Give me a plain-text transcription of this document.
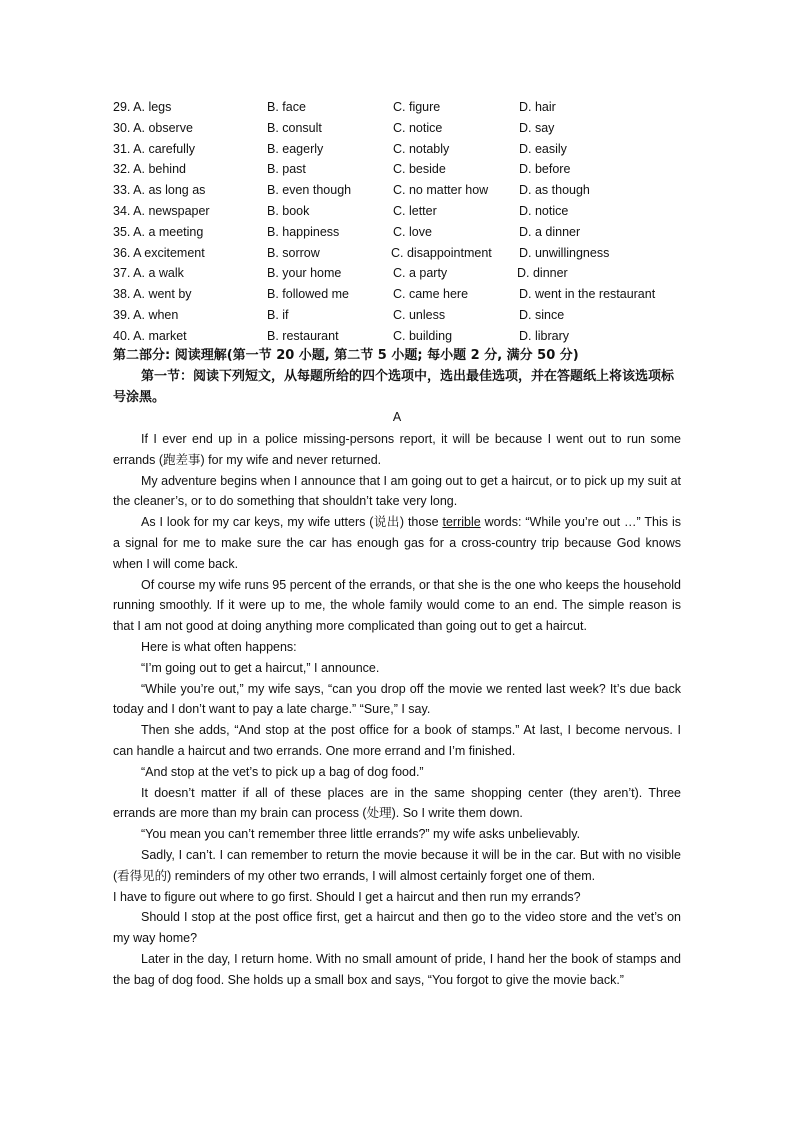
29. A. legs	B. face	C. figure	D. hair
30. A. observe	B. consult	C. notice	D. say
31. A. carefully	B. eagerly	C. notably	D. easily
32. A. behind	B. past	C. beside	D. before
33. A. as long as	B. even though	C. no matter how D. as though
34. A. newspaper	B. book	C. letter	D. notice
35. A. a meeting	B. happiness	C. love	D. a dinner
36. A excitement	B. sorrow	C. disappointment D. unwillingness
37. A. a walk	B. your home	C. a party	D. dinner
38. A. went by	B. followed me	C. came here	D. went in the restaurant
39. A. when	B. if	C. unless	D. since
40. A. market	B. restaurant	C. building	D. library
第二部分: 阅读理解(第一节 20 小题, 第二节 5 小题; 每小题 2 分, 满分 50 分)
第一节：阅读下列短文，从每题所给的四个选项中，选出最佳选项，并在答题纸上将该选项标号涂黑。
A

If I ever end up in a police missing-persons report, it will be because I went out to run some errands (跑差事) for my wife and never returned.

My adventure begins when I announce that I am going out to get a haircut, or to pick up my suit at the cleaner’s, or to do something that shouldn’t take very long.

As I look for my car keys, my wife utters (说出) those terrible words: “While you’re out …” This is a signal for me to make sure the car has enough gas for a cross-country trip because God knows when I will come back.

Of course my wife runs 95 percent of the errands, or that she is the one who keeps the household running smoothly. If it were up to me, the whole family would come to an end. The simple reason is that I am not good at doing anything more complicated than going out to get a haircut.

Here is what often happens:

“I’m going out to get a haircut,” I announce.

“While you’re out,” my wife says, “can you drop off the movie we rented last week? It’s due back today and I don’t want to pay a late charge.” “Sure,” I say.

Then she adds, “And stop at the post office for a book of stamps.” At last, I become nervous. I can handle a haircut and two errands. One more errand and I’m finished.

“And stop at the vet’s to pick up a bag of dog food.”

It doesn’t matter if all of these places are in the same shopping center (they aren’t). Three errands are more than my brain can process (处理). So I write them down.

“You mean you can’t remember three little errands?” my wife asks unbelievably.

Sadly, I can’t. I can remember to return the movie because it will be in the car. But with no visible (看得见的) reminders of my other two errands, I will almost certainly forget one of them.

I have to figure out where to go first. Should I get a haircut and then run my errands?

Should I stop at the post office first, get a haircut and then go to the video store and the vet’s on my way home?

Later in the day, I return home. With no small amount of pride, I hand her the book of stamps and the bag of dog food. She holds up a small box and says, “You forgot to give the movie back.”
